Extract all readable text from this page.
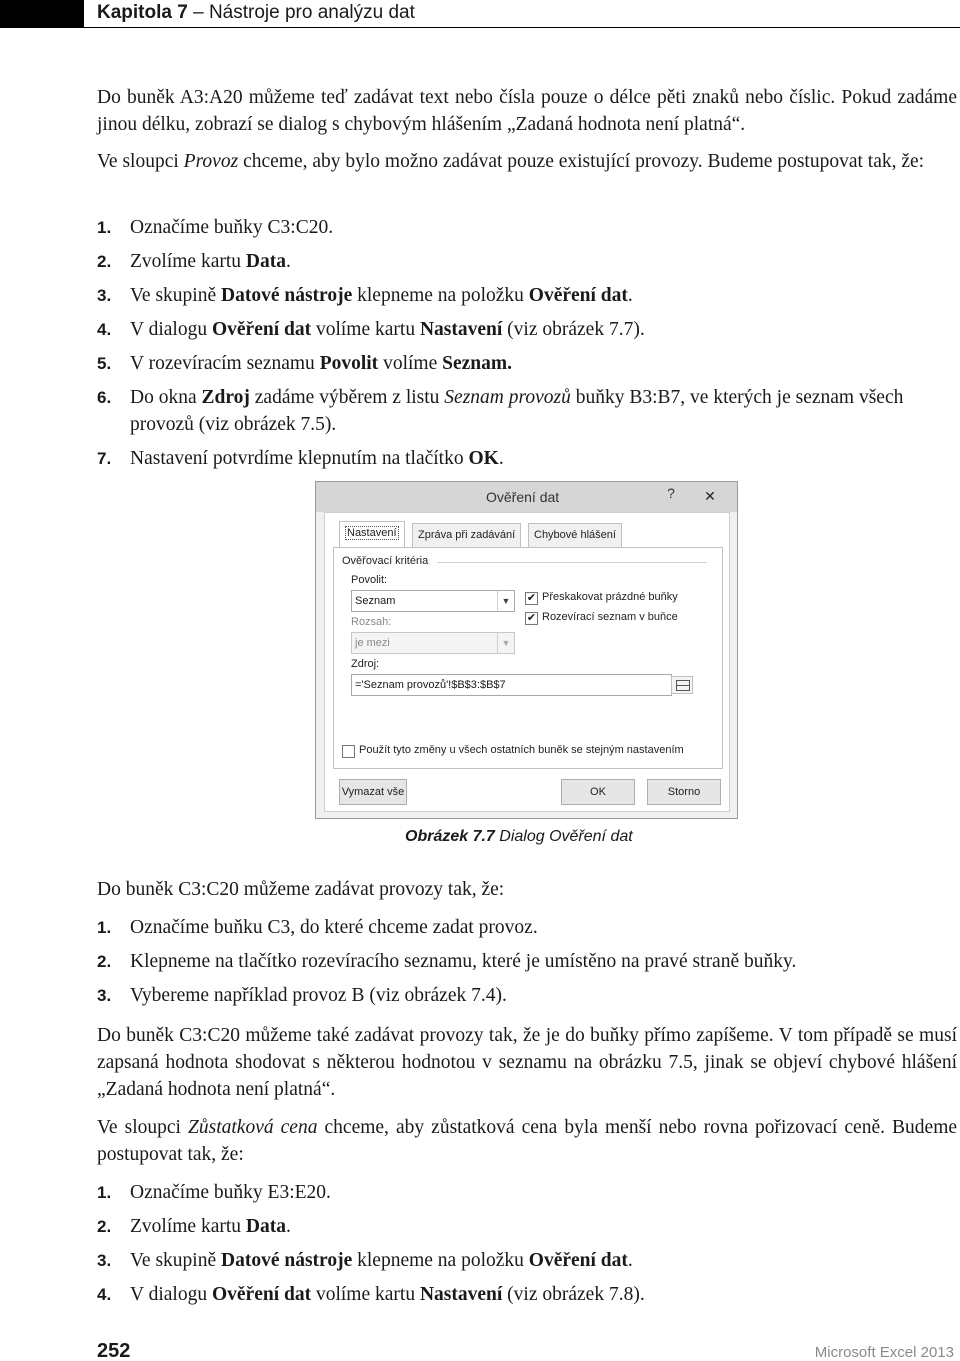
Kapitola 7 – Nástroje pro analýzu dat

Do buněk A3:A20 můžeme teď zadávat text nebo čísla pouze o délce pěti znaků nebo číslic. Pokud zadáme jinou délku, zobrazí se dialog s chybovým hlášením „Zadaná hodnota není platná“.

Ve sloupci Provoz chceme, aby bylo možno zadávat pouze existující provozy. Budeme postupovat tak, že:

1. Označíme buňky C3:C20.
2. Zvolíme kartu Data.
3. Ve skupině Datové nástroje klepneme na položku Ověření dat.
4. V dialogu Ověření dat volíme kartu Nastavení (viz obrázek 7.7).
5. V rozevíracím seznamu Povolit volíme Seznam.
6. Do okna Zdroj zadáme výběrem z listu Seznam provozů buňky B3:B7, ve kterých je seznam všech provozů (viz obrázek 7.5).
7. Nastavení potvrdíme klepnutím na tlačítko OK.
Ověření dat	?	✕
Nastavení	Zpráva při zadávání	Chybové hlášení
Ověřovací kritéria
Povolit:
Seznam	▼
Rozsah:
je mezi	▼
✔ Přeskakovat prázdné buňky
✔ Rozevírací seznam v buňce
Zdroj:
='Seznam provozů'!$B$3:$B$7
Použít tyto změny u všech ostatních buněk se stejným nastavením
Vymazat vše	OK	Storno
Obrázek 7.7 Dialog Ověření dat

Do buněk C3:C20 můžeme zadávat provozy tak, že:

1. Označíme buňku C3, do které chceme zadat provoz.
2. Klepneme na tlačítko rozevíracího seznamu, které je umístěno na pravé straně buňky.
3. Vybereme například provoz B (viz obrázek 7.4).

Do buněk C3:C20 můžeme také zadávat provozy tak, že je do buňky přímo zapíšeme. V tom případě se musí zapsaná hodnota shodovat s některou hodnotou v seznamu na obrázku 7.5, jinak se objeví chybové hlášení „Zadaná hodnota není platná“.

Ve sloupci Zůstatková cena chceme, aby zůstatková cena byla menší nebo rovna pořizovací ceně. Budeme postupovat tak, že:

1. Označíme buňky E3:E20.
2. Zvolíme kartu Data.
3. Ve skupině Datové nástroje klepneme na položku Ověření dat.
4. V dialogu Ověření dat volíme kartu Nastavení (viz obrázek 7.8).
252	Microsoft Excel 2013
